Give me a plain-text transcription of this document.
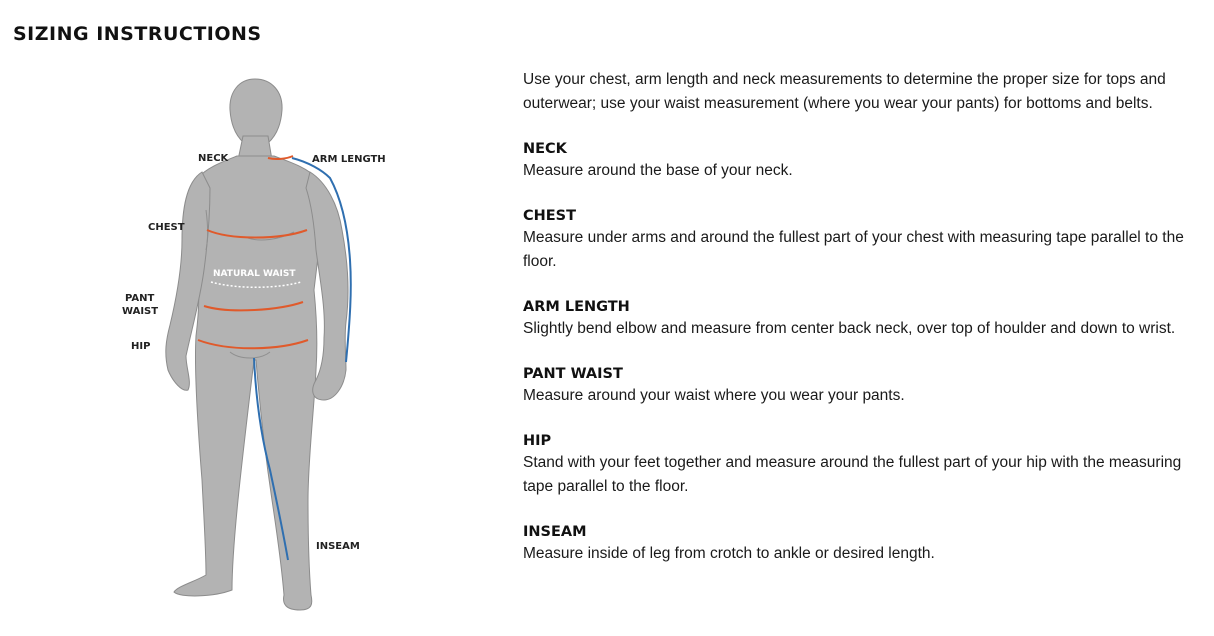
SIZING INSTRUCTIONS
NECK	ARM LENGTH
CHEST
NATURAL WAIST
PANT
WAIST
HIP
INSEAM

Use your chest, arm length and neck measurements to determine the proper size for tops and outerwear; use your waist measurement (where you wear your pants) for bottoms and belts.

NECK

Measure around the base of your neck.

CHEST

Measure under arms and around the fullest part of your chest with measuring tape parallel to the floor.

ARM LENGTH

Slightly bend elbow and measure from center back neck, over top of houlder and down to wrist.

PANT WAIST

Measure around your waist where you wear your pants.

HIP

Stand with your feet together and measure around the fullest part of your hip with the measuring tape parallel to the floor.

INSEAM

Measure inside of leg from crotch to ankle or desired length.
